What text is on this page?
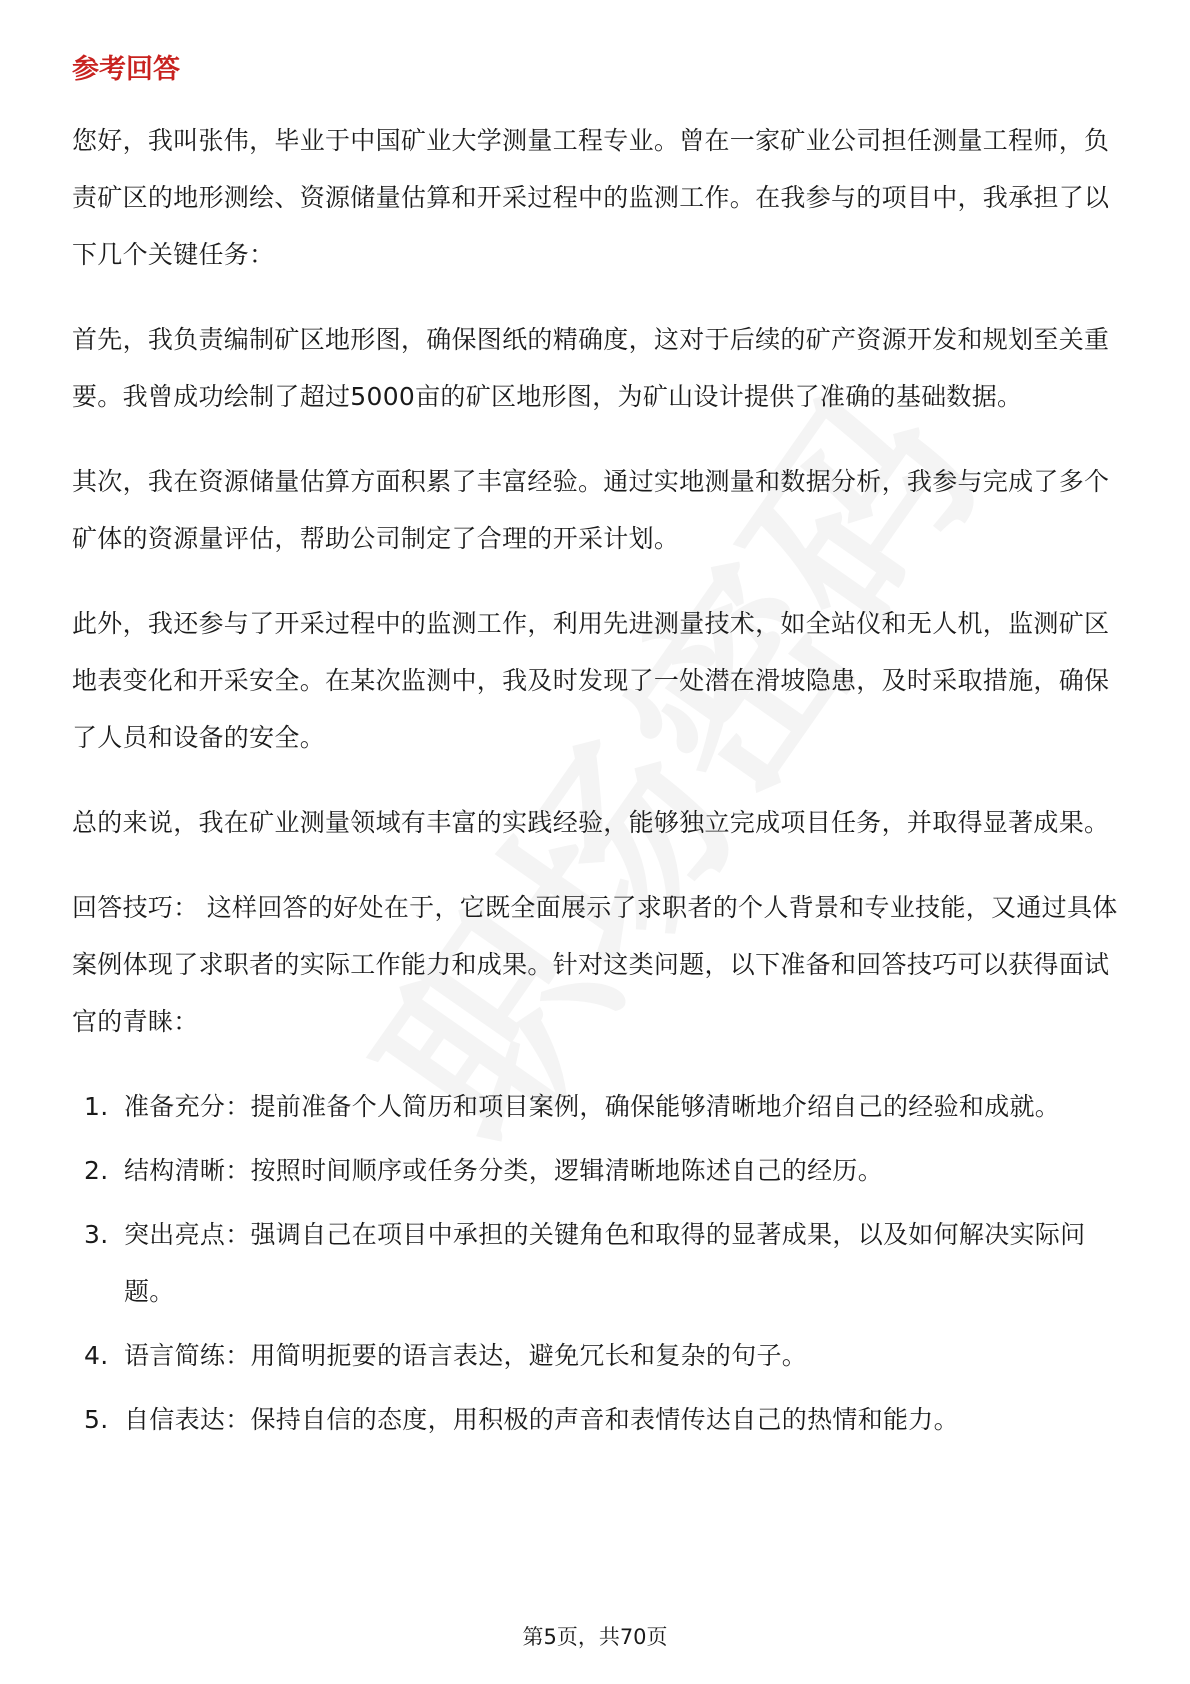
参考回答

您好，我叫张伟，毕业于中国矿业大学测量工程专业。曾在一家矿业公司担任测量工程师，负责矿区的地形测绘、资源储量估算和开采过程中的监测工作。在我参与的项目中，我承担了以下几个关键任务：

首先，我负责编制矿区地形图，确保图纸的精确度，这对于后续的矿产资源开发和规划至关重要。我曾成功绘制了超过5000亩的矿区地形图，为矿山设计提供了准确的基础数据。

其次，我在资源储量估算方面积累了丰富经验。通过实地测量和数据分析，我参与完成了多个矿体的资源量评估，帮助公司制定了合理的开采计划。

此外，我还参与了开采过程中的监测工作，利用先进测量技术，如全站仪和无人机，监测矿区地表变化和开采安全。在某次监测中，我及时发现了一处潜在滑坡隐患，及时采取措施，确保了人员和设备的安全。

总的来说，我在矿业测量领域有丰富的实践经验，能够独立完成项目任务，并取得显著成果。

回答技巧： 这样回答的好处在于，它既全面展示了求职者的个人背景和专业技能，又通过具体案例体现了求职者的实际工作能力和成果。针对这类问题，以下准备和回答技巧可以获得面试官的青睐：

1. 准备充分：提前准备个人简历和项目案例，确保能够清晰地介绍自己的经验和成就。
2. 结构清晰：按照时间顺序或任务分类，逻辑清晰地陈述自己的经历。
3. 突出亮点：强调自己在项目中承担的关键角色和取得的显著成果，以及如何解决实际问题。
4. 语言简练：用简明扼要的语言表达，避免冗长和复杂的句子。
5. 自信表达：保持自信的态度，用积极的声音和表情传达自己的热情和能力。
第5页，共70页
